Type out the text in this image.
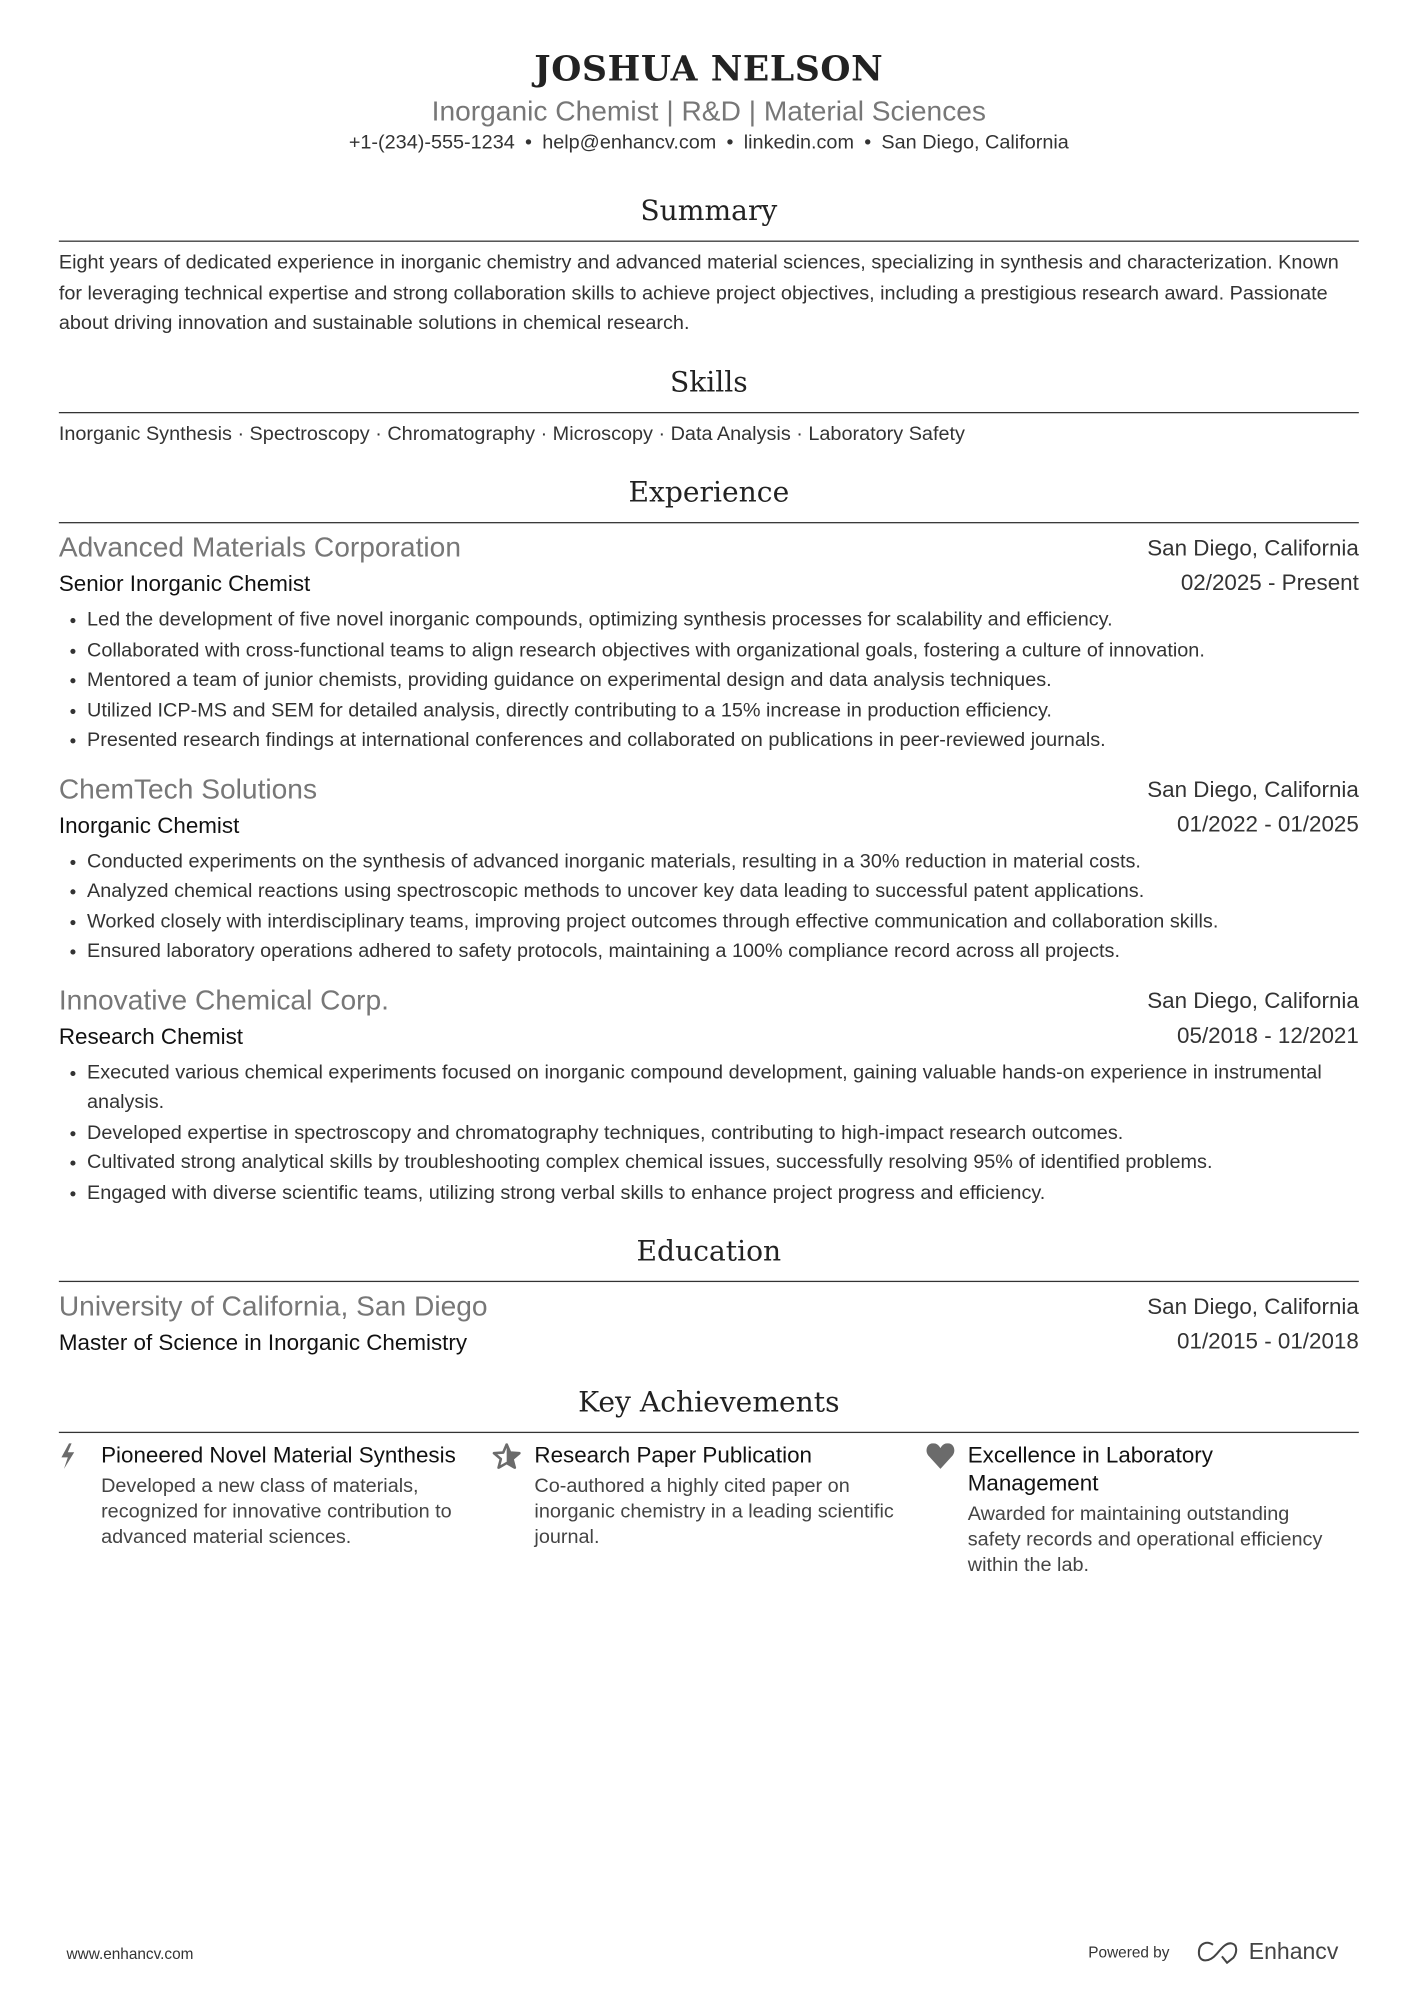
JOSHUA NELSON
Inorganic Chemist | R&D | Material Sciences
+1-(234)-555-1234 • help@enhancv.com • linkedin.com • San Diego, California
Summary
Eight years of dedicated experience in inorganic chemistry and advanced material sciences, specializing in synthesis and characterization. Known for leveraging technical expertise and strong collaboration skills to achieve project objectives, including a prestigious research award. Passionate about driving innovation and sustainable solutions in chemical research.
Skills
Inorganic Synthesis · Spectroscopy · Chromatography · Microscopy · Data Analysis · Laboratory Safety
Experience
Advanced Materials Corporation	San Diego, California
Senior Inorganic Chemist	02/2025 - Present
Led the development of five novel inorganic compounds, optimizing synthesis processes for scalability and efficiency.
Collaborated with cross-functional teams to align research objectives with organizational goals, fostering a culture of innovation.
Mentored a team of junior chemists, providing guidance on experimental design and data analysis techniques.
Utilized ICP-MS and SEM for detailed analysis, directly contributing to a 15% increase in production efficiency.
Presented research findings at international conferences and collaborated on publications in peer-reviewed journals.
ChemTech Solutions	San Diego, California
Inorganic Chemist	01/2022 - 01/2025
Conducted experiments on the synthesis of advanced inorganic materials, resulting in a 30% reduction in material costs.
Analyzed chemical reactions using spectroscopic methods to uncover key data leading to successful patent applications.
Worked closely with interdisciplinary teams, improving project outcomes through effective communication and collaboration skills.
Ensured laboratory operations adhered to safety protocols, maintaining a 100% compliance record across all projects.
Innovative Chemical Corp.	San Diego, California
Research Chemist	05/2018 - 12/2021
Executed various chemical experiments focused on inorganic compound development, gaining valuable hands-on experience in instrumental analysis.
Developed expertise in spectroscopy and chromatography techniques, contributing to high-impact research outcomes.
Cultivated strong analytical skills by troubleshooting complex chemical issues, successfully resolving 95% of identified problems.
Engaged with diverse scientific teams, utilizing strong verbal skills to enhance project progress and efficiency.
Education
University of California, San Diego	San Diego, California
Master of Science in Inorganic Chemistry	01/2015 - 01/2018
Key Achievements
Pioneered Novel Material Synthesis
Developed a new class of materials, recognized for innovative contribution to advanced material sciences.
Research Paper Publication
Co-authored a highly cited paper on inorganic chemistry in a leading scientific journal.
Excellence in Laboratory Management
Awarded for maintaining outstanding safety records and operational efficiency within the lab.
www.enhancv.com	Powered by	Enhancv
